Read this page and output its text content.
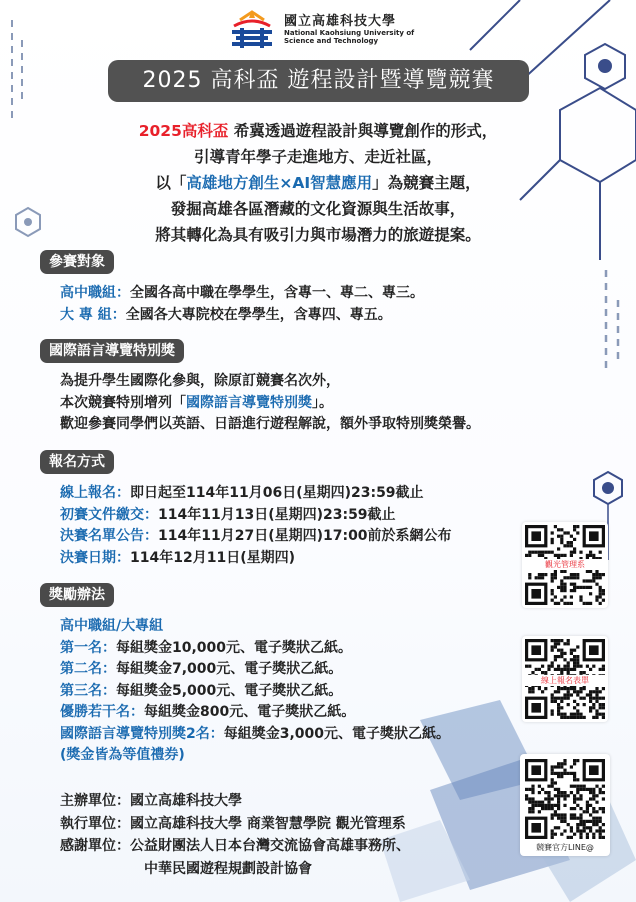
國立高雄科技大學
National Kaohsiung University of
Science and Technology
2025 高科盃 遊程設計暨導覽競賽
2025高科盃 希冀透過遊程設計與導覽創作的形式，
引導青年學子走進地方、走近社區，
以「高雄地方創生×AI智慧應用」為競賽主題，
發掘高雄各區潛藏的文化資源與生活故事，
將其轉化為具有吸引力與市場潛力的旅遊提案。
參賽對象
高中職組：全國各高中職在學學生，含專一、專二、專三。
大 專 組：全國各大專院校在學學生，含專四、專五。
國際語言導覽特別獎
為提升學生國際化參與，除原訂競賽名次外，
本次競賽特別增列「國際語言導覽特別獎」。
歡迎參賽同學們以英語、日語進行遊程解說，額外爭取特別獎榮譽。
報名方式
線上報名：即日起至114年11月06日(星期四)23:59截止
初賽文件繳交：114年11月13日(星期四)23:59截止
決賽名單公告：114年11月27日(星期四)17:00前於系網公布
決賽日期：114年12月11日(星期四)
獎勵辦法
高中職組/大專組
第一名：每組獎金10,000元、電子獎狀乙紙。
第二名：每組獎金7,000元、電子獎狀乙紙。
第三名：每組獎金5,000元、電子獎狀乙紙。
優勝若干名：每組獎金800元、電子獎狀乙紙。
國際語言導覽特別獎2名：每組獎金3,000元、電子獎狀乙紙。
(獎金皆為等值禮券)
主辦單位：國立高雄科技大學
執行單位：國立高雄科技大學 商業智慧學院 觀光管理系
感謝單位：公益財團法人日本台灣交流協會高雄事務所、
中華民國遊程規劃設計協會
觀光管理系
線上報名表單
競賽官方LINE@
